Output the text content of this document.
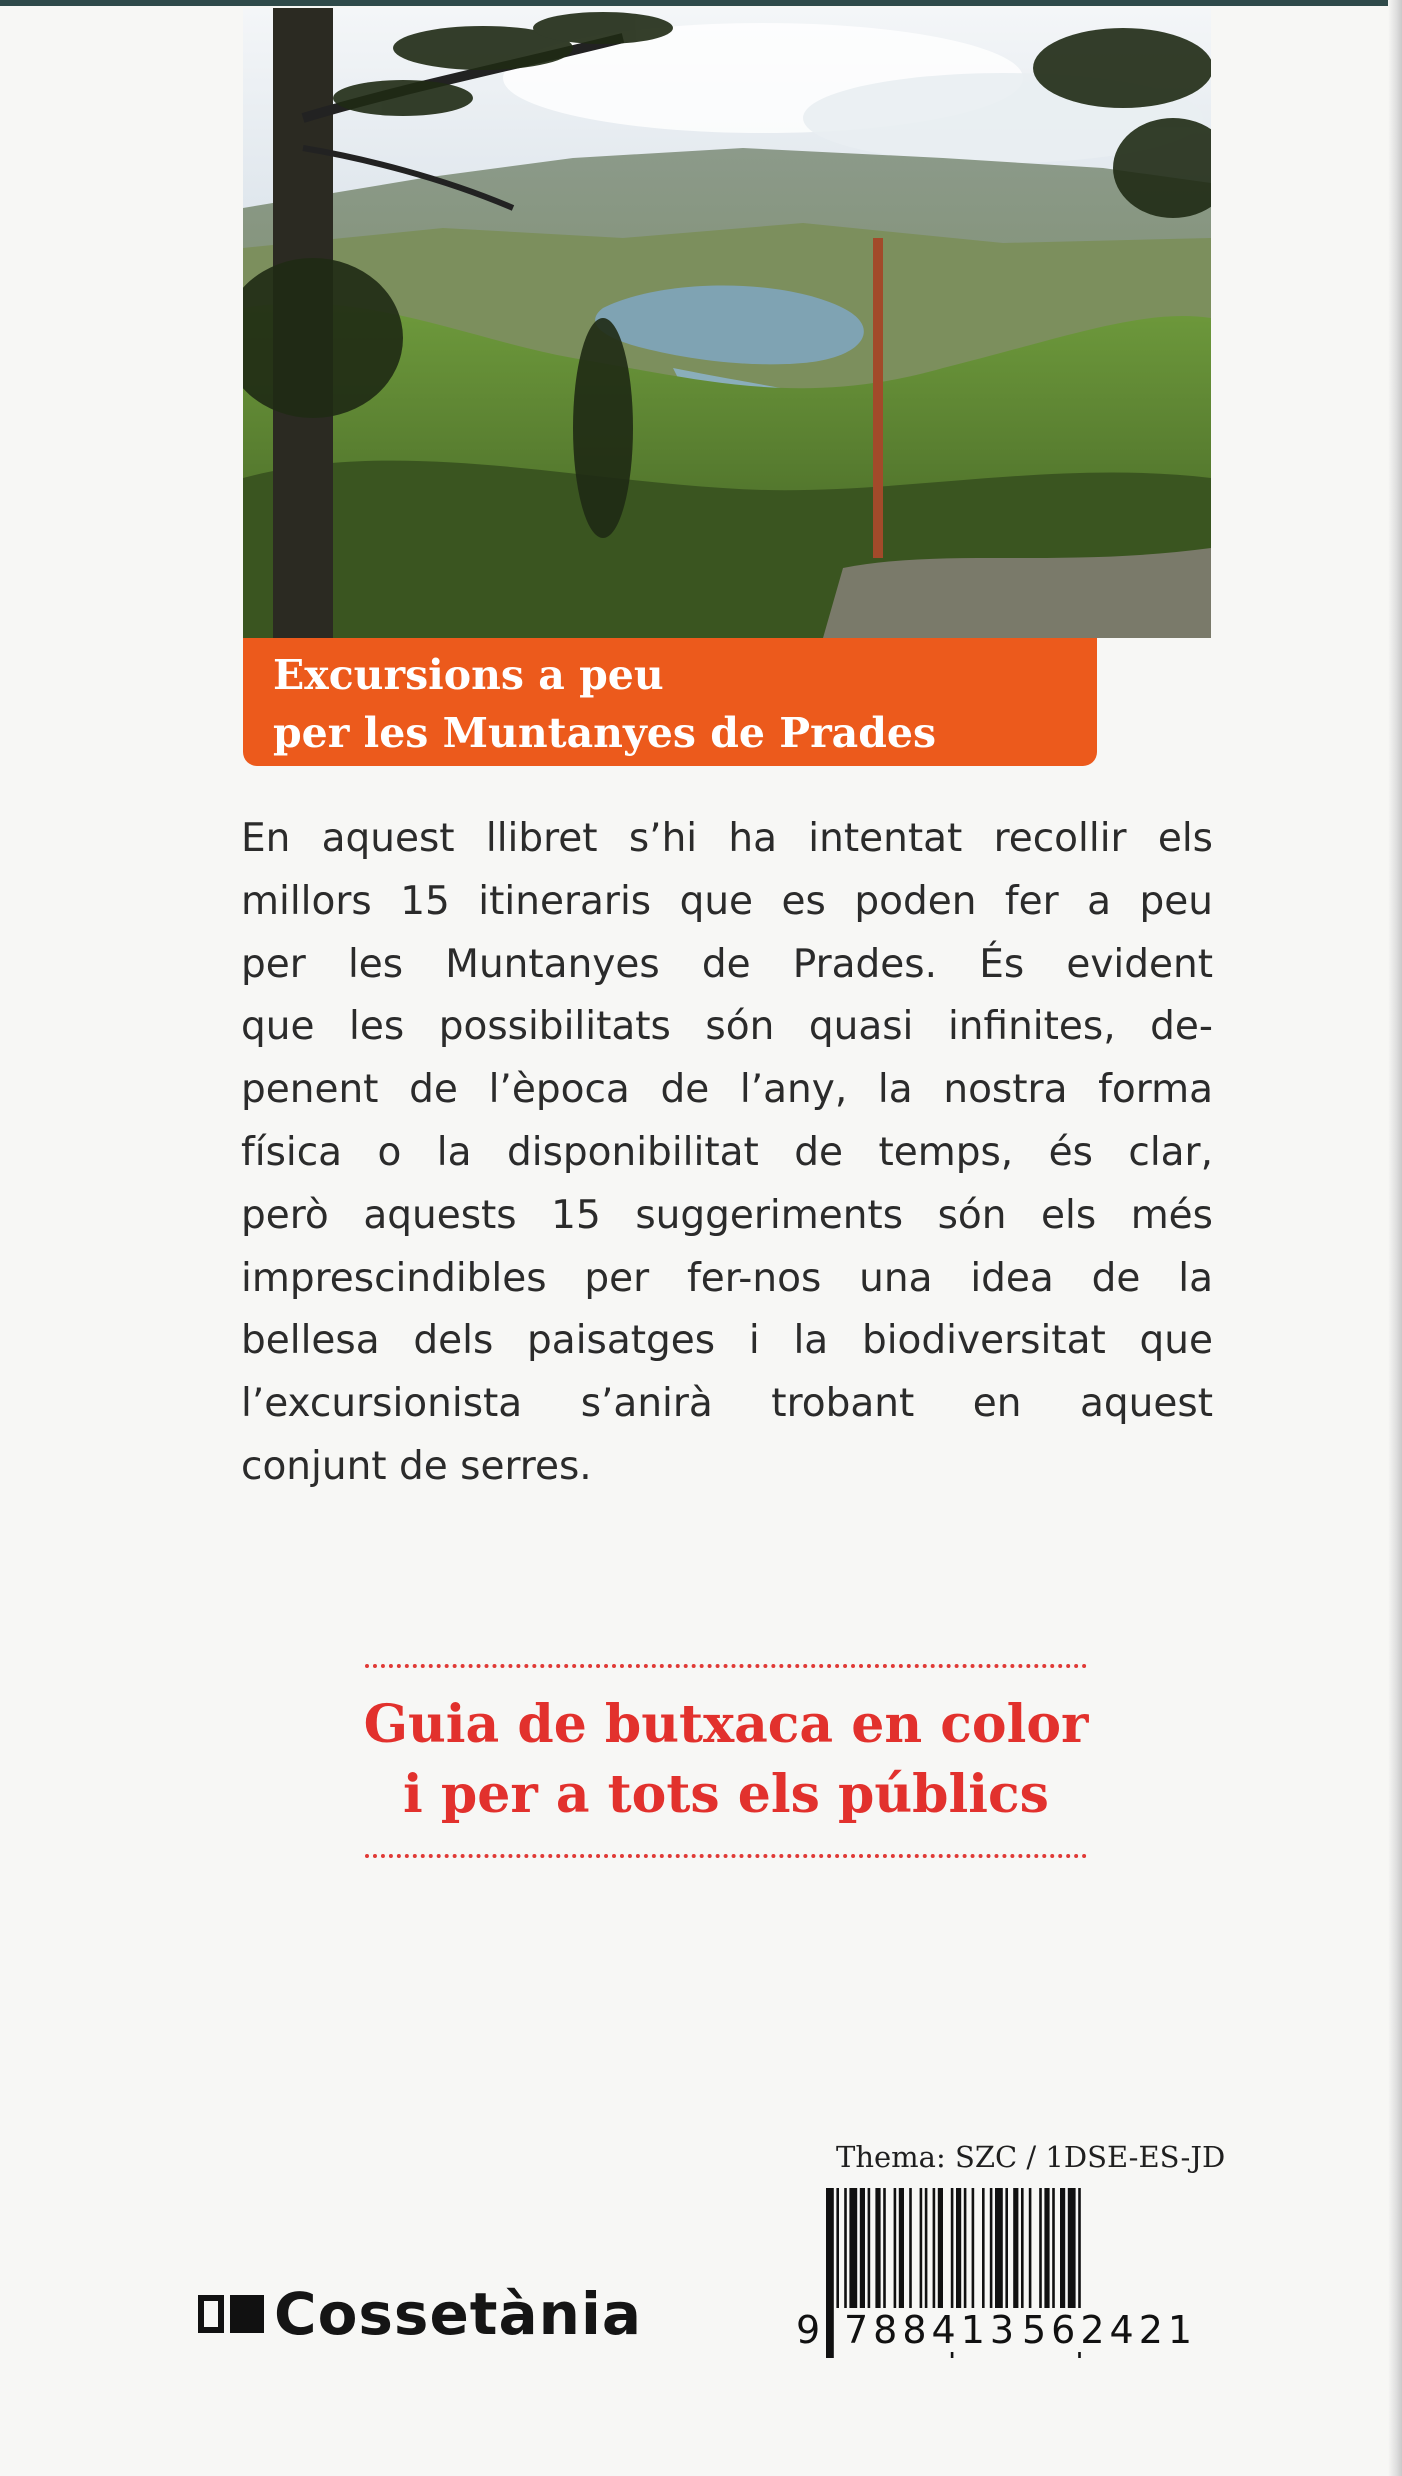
Excursions a peu
per les Muntanyes de Prades
En aquest llibret s’hi ha intentat recollir els
millors 15 itineraris que es poden fer a peu
per les Muntanyes de Prades. És evident
que les possibilitats són quasi infinites, de-
penent de l’època de l’any, la nostra forma
física o la disponibilitat de temps, és clar,
però aquests 15 suggeriments són els més
imprescindibles per fer-nos una idea de la
bellesa dels paisatges i la biodiversitat que
l’excursionista s’anirà trobant en aquest
conjunt de serres.
Guia de butxaca en color
i per a tots els públics
Cossetània
Thema: SZC / 1DSE-ES-JD
9 788413 562421
